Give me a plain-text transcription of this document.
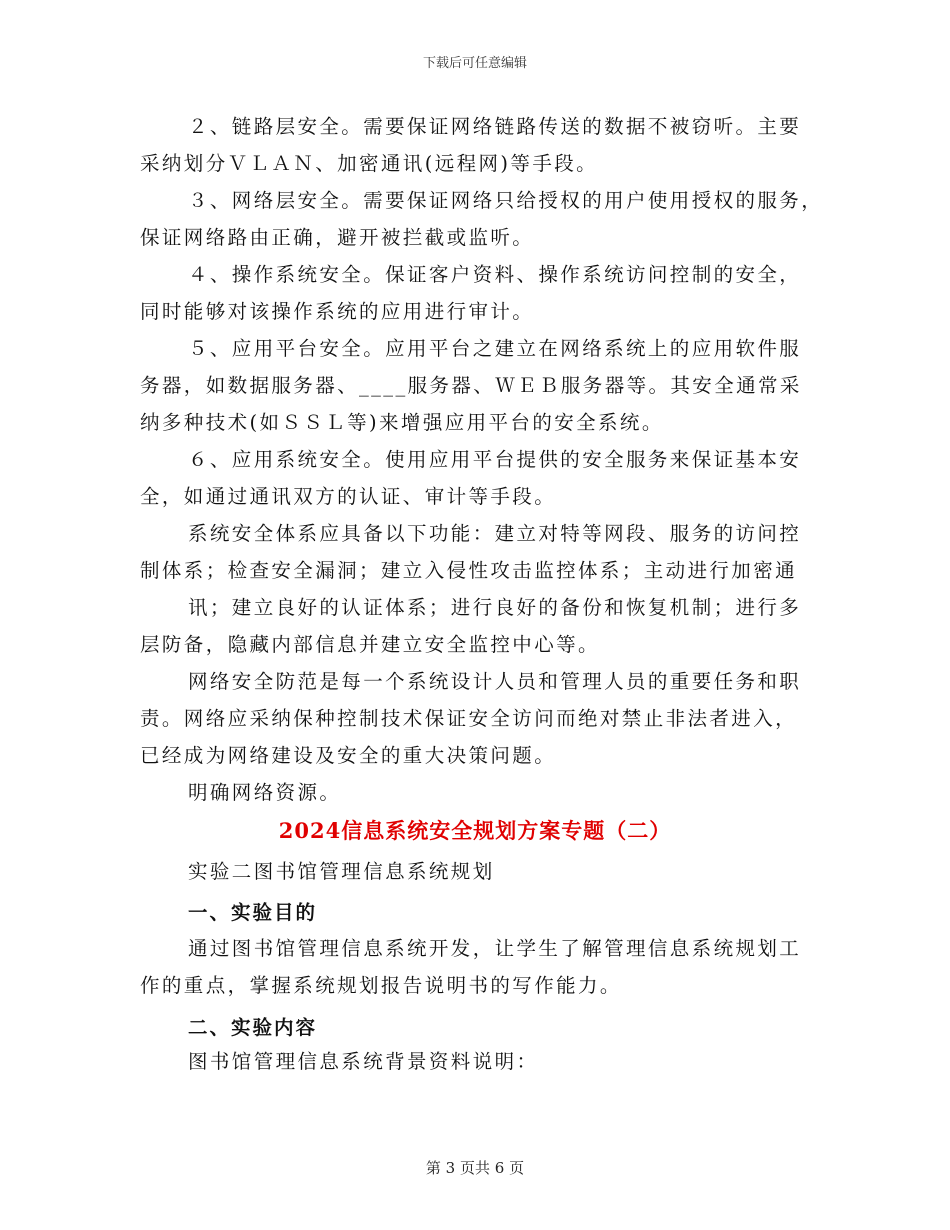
下载后可任意编辑
２、链路层安全。需要保证网络链路传送的数据不被窃听。主要
采纳划分ＶＬＡＮ、加密通讯(远程网)等手段。
３、网络层安全。需要保证网络只给授权的用户使用授权的服务，
保证网络路由正确，避开被拦截或监听。
４、操作系统安全。保证客户资料、操作系统访问控制的安全，
同时能够对该操作系统的应用进行审计。
５、应用平台安全。应用平台之建立在网络系统上的应用软件服
务器，如数据服务器、____服务器、ＷＥＢ服务器等。其安全通常采
纳多种技术(如ＳＳＬ等)来增强应用平台的安全系统。
６、应用系统安全。使用应用平台提供的安全服务来保证基本安
全，如通过通讯双方的认证、审计等手段。
系统安全体系应具备以下功能：建立对特等网段、服务的访问控
制体系；检查安全漏洞；建立入侵性攻击监控体系；主动进行加密通
讯；建立良好的认证体系；进行良好的备份和恢复机制；进行多
层防备，隐藏内部信息并建立安全监控中心等。
网络安全防范是每一个系统设计人员和管理人员的重要任务和职
责。网络应采纳保种控制技术保证安全访问而绝对禁止非法者进入，
已经成为网络建设及安全的重大决策问题。
明确网络资源。
2024信息系统安全规划方案专题（二）
实验二图书馆管理信息系统规划
一、实验目的
通过图书馆管理信息系统开发，让学生了解管理信息系统规划工
作的重点，掌握系统规划报告说明书的写作能力。
二、实验内容
图书馆管理信息系统背景资料说明：
第 3 页共 6 页
